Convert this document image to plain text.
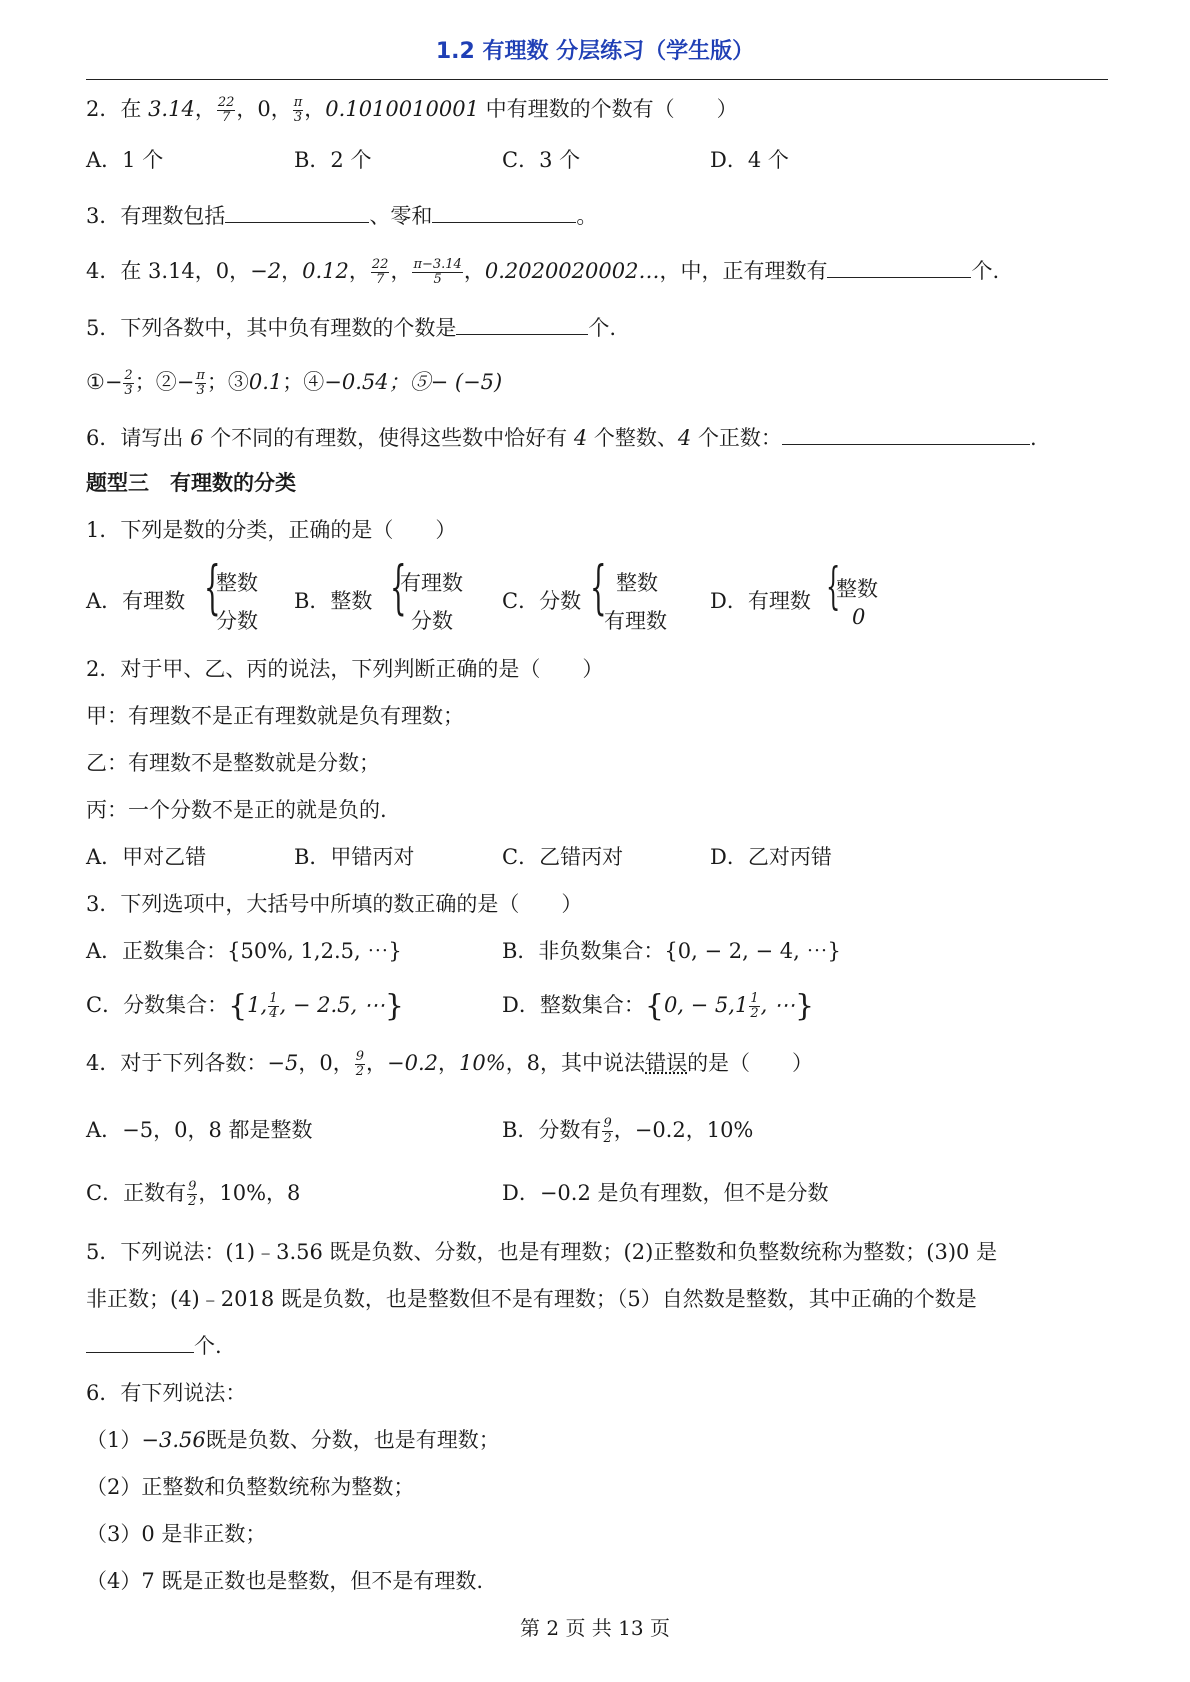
1.2 有理数 分层练习（学生版）
2．在 3.14， $\frac{22}{7}$ ，0， $\frac{\pi}{3}$ ，0.1010010001 中有理数的个数有（　　）
A．1 个	B．2 个	C．3 个	D．4 个
3．有理数包括	、零和	。
4．在 3.14，0，−2，0.12， $\frac{22}{7}$ ， $\frac{\pi-3.14}{5}$ ，0.2020020002…，中，正有理数有	个.
5．下列各数中，其中负有理数的个数是	个.
①− $\frac{2}{3}$ ；②− $\frac{\pi}{3}$ ；③0.1；④−0.54；⑤− (−5)
6．请写出 6 个不同的有理数，使得这些数中恰好有 4 个整数、4 个正数：	.
题型三　有理数的分类
1．下列是数的分类，正确的是（　　）
A．有理数 {
整数
分数
B．整数 {
有理数
分数
C．分数 { 整数
有理数
D．有理数 {
整数
0
2．对于甲、乙、丙的说法，下列判断正确的是（　　）
甲：有理数不是正有理数就是负有理数；
乙：有理数不是整数就是分数；
丙：一个分数不是正的就是负的.
A．甲对乙错	B．甲错丙对	C．乙错丙对	D．乙对丙错
3．下列选项中，大括号中所填的数正确的是（　　）
A．正数集合：{50%, 1,2.5, ⋯}	B．非负数集合：{0, − 2, − 4, ⋯}
C．分数集合：{1, $\frac{1}{4}$ , − 2.5, ⋯}	D．整数集合：{0, − $5,1 \frac{1}{2}$ , ⋯}
4．对于下列各数：−5，0， $\frac{9}{2}$ ，−0.2，10%，8，其中说法错误的是（　　）
A．−5，0，8 都是整数	B．分数有 $\frac{9}{2}$ ，−0.2，10%
C．正数有 $\frac{9}{2}$ ，10%，8	D．−0.2 是负有理数，但不是分数
5．下列说法：(1)﹣3.56 既是负数、分数，也是有理数；(2)正整数和负整数统称为整数；(3)0 是
非正数；(4)﹣2018 既是负数，也是整数但不是有理数；（5）自然数是整数，其中正确的个数是
个.
6．有下列说法：
（1）−3.56既是负数、分数，也是有理数；
（2）正整数和负整数统称为整数；
（3）0 是非正数；
（4）7 既是正数也是整数，但不是有理数.
第 2 页 共 13 页
